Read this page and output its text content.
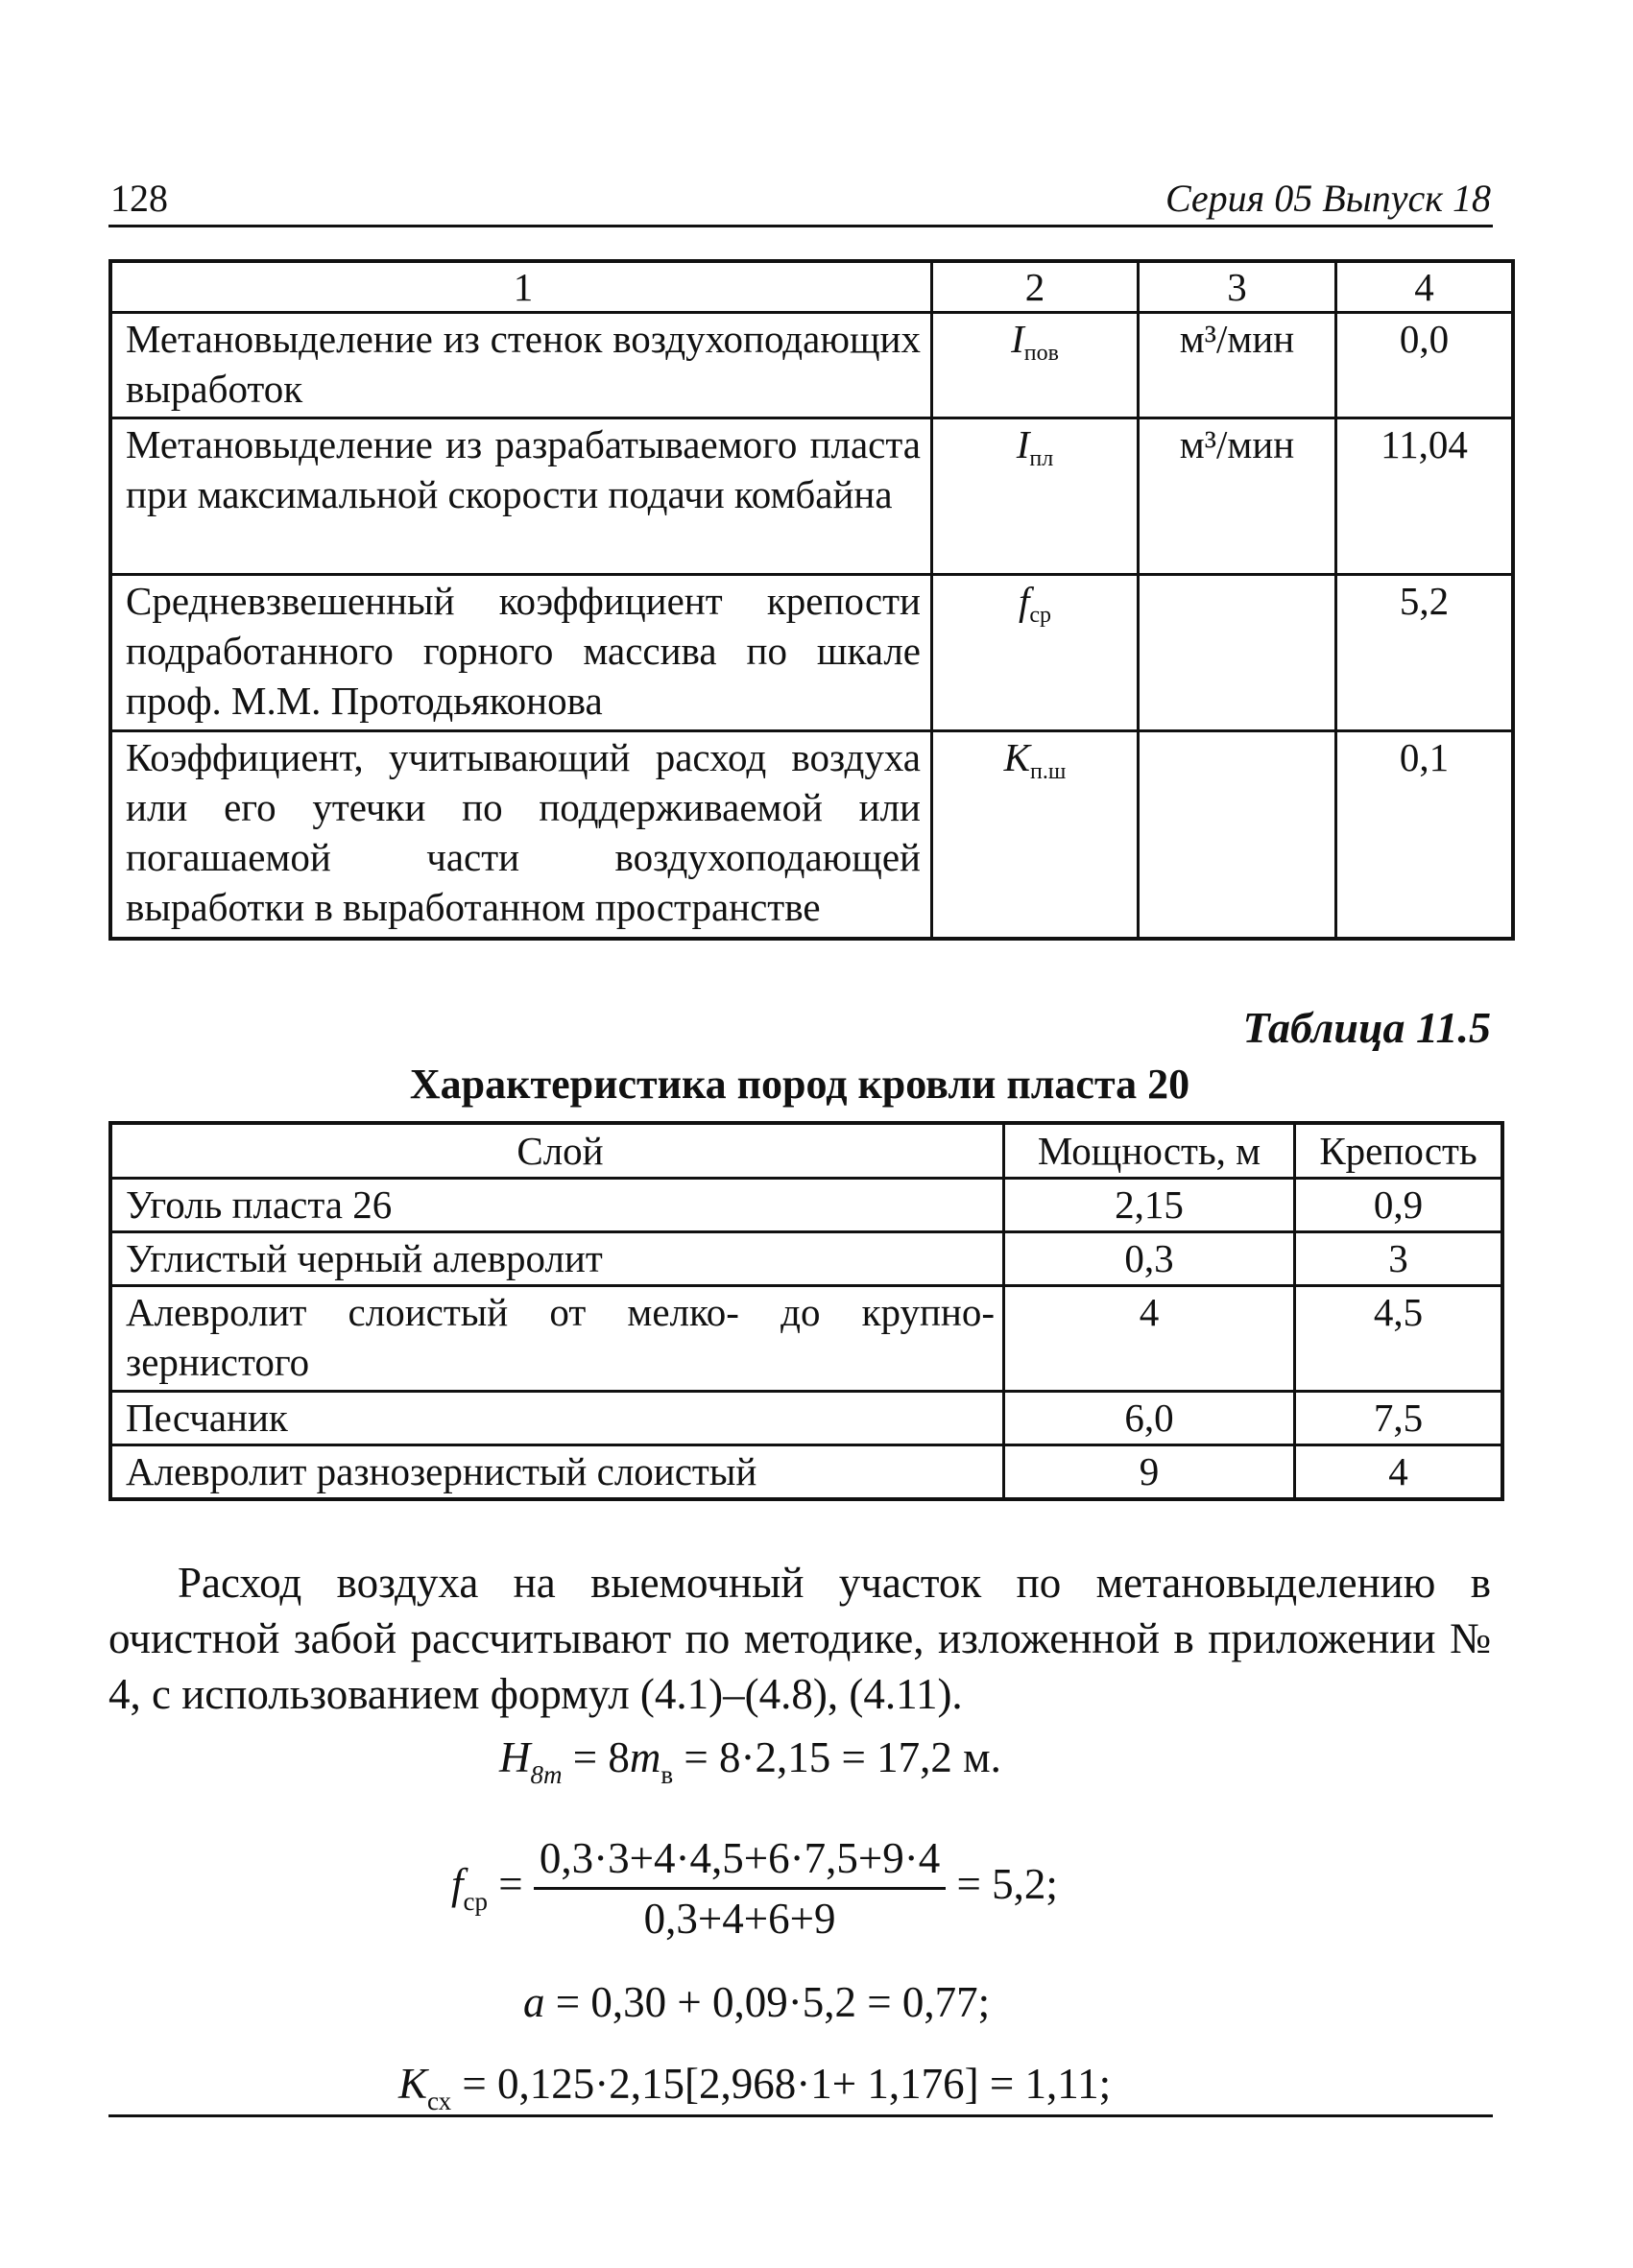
128	Серия 05 Выпуск 18
1	2	3	4
Метановыделение из стенок воздухоподающих выработок	$I_{пов}$	м³/мин	0,0
Метановыделение из разрабатываемого пласта при максимальной скорости подачи комбайна	$I_{пл}$	м³/мин	11,04
Средневзвешенный коэффициент крепости подработанного горного массива по шкале проф. М.М. Протодьяконова	$f_{ср}$		5,2
Коэффициент, учитывающий расход воздуха или его утечки по поддерживаемой или погашаемой части воздухоподающей выработки в выработанном пространстве	$K_{п.ш}$		0,1
Таблица 11.5
Характеристика пород кровли пласта 20
Слой	Мощность, м	Крепость
Уголь пласта 26	2,15	0,9
Углистый черный алевролит	0,3	3
Алевролит слоистый от мелко- до крупнозернистого	4	4,5
Песчаник	6,0	7,5
Алевролит разнозернистый слоистый	9	4
Расход воздуха на выемочный участок по метановыделению в очистной забой рассчитывают по методике, изложенной в приложении № 4, с использованием формул (4.1)–(4.8), (4.11).
$H_{8m} = 8m_в = 8\cdot 2,15 = 17,2$ м.
$f_{ср} = \frac{0,3\cdot 3+4\cdot 4,5+6\cdot 7,5+9\cdot 4}{0,3+4+6+9} = 5,2$;
a = 0,30 + 0,09·5,2 = 0,77;
$K_{сх} = 0,125\cdot 2,15[2,968\cdot 1+ 1,176] = 1,11$;
